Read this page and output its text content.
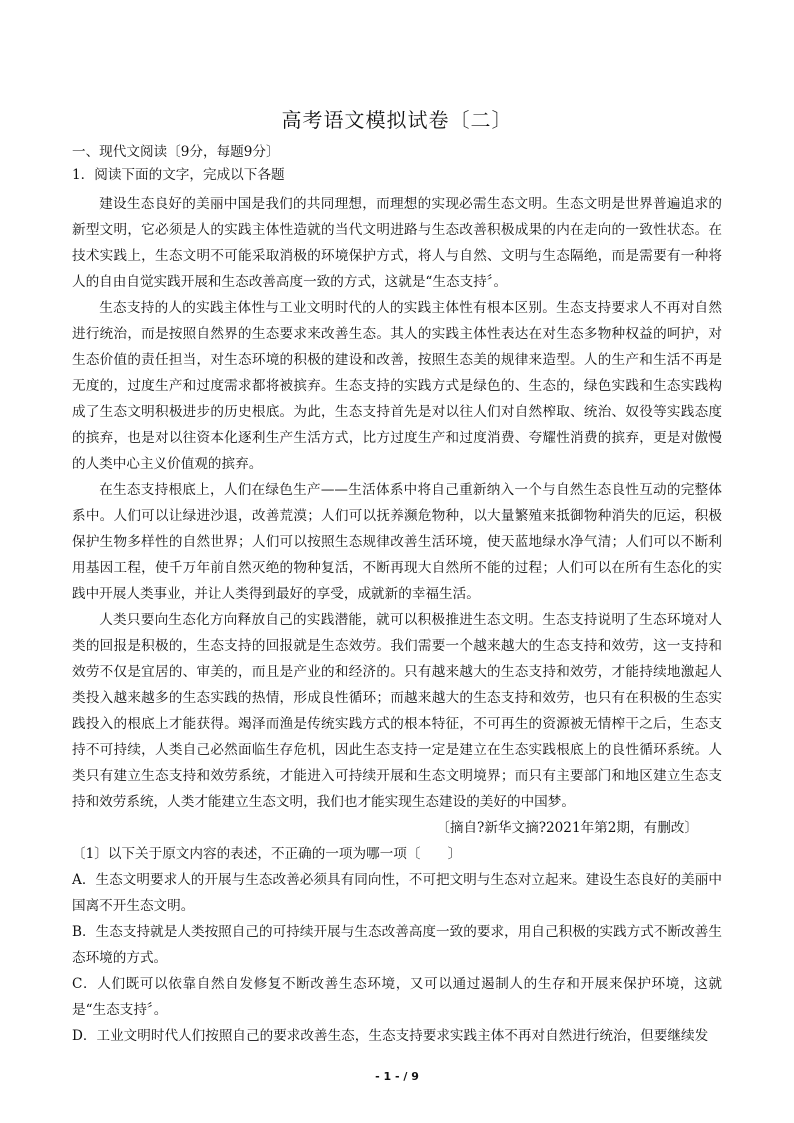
高考语文模拟试卷〔二〕
一、现代文阅读〔9分，每题9分〕
1．阅读下面的文字，完成以下各题
建设生态良好的美丽中国是我们的共同理想，而理想的实现必需生态文明。生态文明是世界普遍追求的新型文明，它必须是人的实践主体性造就的当代文明进路与生态改善积极成果的内在走向的一致性状态。在技术实践上，生态文明不可能采取消极的环境保护方式，将人与自然、文明与生态隔绝，而是需要有一种将人的自由自觉实践开展和生态改善高度一致的方式，这就是“生态支持〞。
生态支持的人的实践主体性与工业文明时代的人的实践主体性有根本区别。生态支持要求人不再对自然进行统治，而是按照自然界的生态要求来改善生态。其人的实践主体性表达在对生态多物种权益的呵护，对生态价值的责任担当，对生态环境的积极的建设和改善，按照生态美的规律来造型。人的生产和生活不再是无度的，过度生产和过度需求都将被摈弃。生态支持的实践方式是绿色的、生态的，绿色实践和生态实践构成了生态文明积极进步的历史根底。为此，生态支持首先是对以往人们对自然榨取、统治、奴役等实践态度的摈弃，也是对以往资本化逐利生产生活方式，比方过度生产和过度消费、夸耀性消费的摈弃，更是对傲慢的人类中心主义价值观的摈弃。
在生态支持根底上，人们在绿色生产——生活体系中将自己重新纳入一个与自然生态良性互动的完整体系中。人们可以让绿进沙退，改善荒漠；人们可以抚养濒危物种，以大量繁殖来抵御物种消失的厄运，积极保护生物多样性的自然世界；人们可以按照生态规律改善生活环境，使天蓝地绿水净气清；人们可以不断利用基因工程，使千万年前自然灭绝的物种复活，不断再现大自然所不能的过程；人们可以在所有生态化的实践中开展人类事业，并让人类得到最好的享受，成就新的幸福生活。
人类只要向生态化方向释放自己的实践潜能，就可以积极推进生态文明。生态支持说明了生态环境对人类的回报是积极的，生态支持的回报就是生态效劳。我们需要一个越来越大的生态支持和效劳，这一支持和效劳不仅是宜居的、审美的，而且是产业的和经济的。只有越来越大的生态支持和效劳，才能持续地激起人类投入越来越多的生态实践的热情，形成良性循环；而越来越大的生态支持和效劳，也只有在积极的生态实践投入的根底上才能获得。竭泽而渔是传统实践方式的根本特征，不可再生的资源被无情榨干之后，生态支持不可持续，人类自己必然面临生存危机，因此生态支持一定是建立在生态实践根底上的良性循环系统。人类只有建立生态支持和效劳系统，才能进入可持续开展和生态文明境界；而只有主要部门和地区建立生态支持和效劳系统，人类才能建立生态文明，我们也才能实现生态建设的美好的中国梦。
〔摘自?新华文摘?2021年第2期，有删改〕
〔1〕以下关于原文内容的表述，不正确的一项为哪一项〔　　〕
A．生态文明要求人的开展与生态改善必须具有同向性，不可把文明与生态对立起来。建设生态良好的美丽中国离不开生态文明。
B．生态支持就是人类按照自己的可持续开展与生态改善高度一致的要求，用自己积极的实践方式不断改善生态环境的方式。
C．人们既可以依靠自然自发修复不断改善生态环境，又可以通过遏制人的生存和开展来保护环境，这就是“生态支持〞。
D．工业文明时代人们按照自己的要求改善生态，生态支持要求实践主体不再对自然进行统治，但要继续发
- 1 - / 9
